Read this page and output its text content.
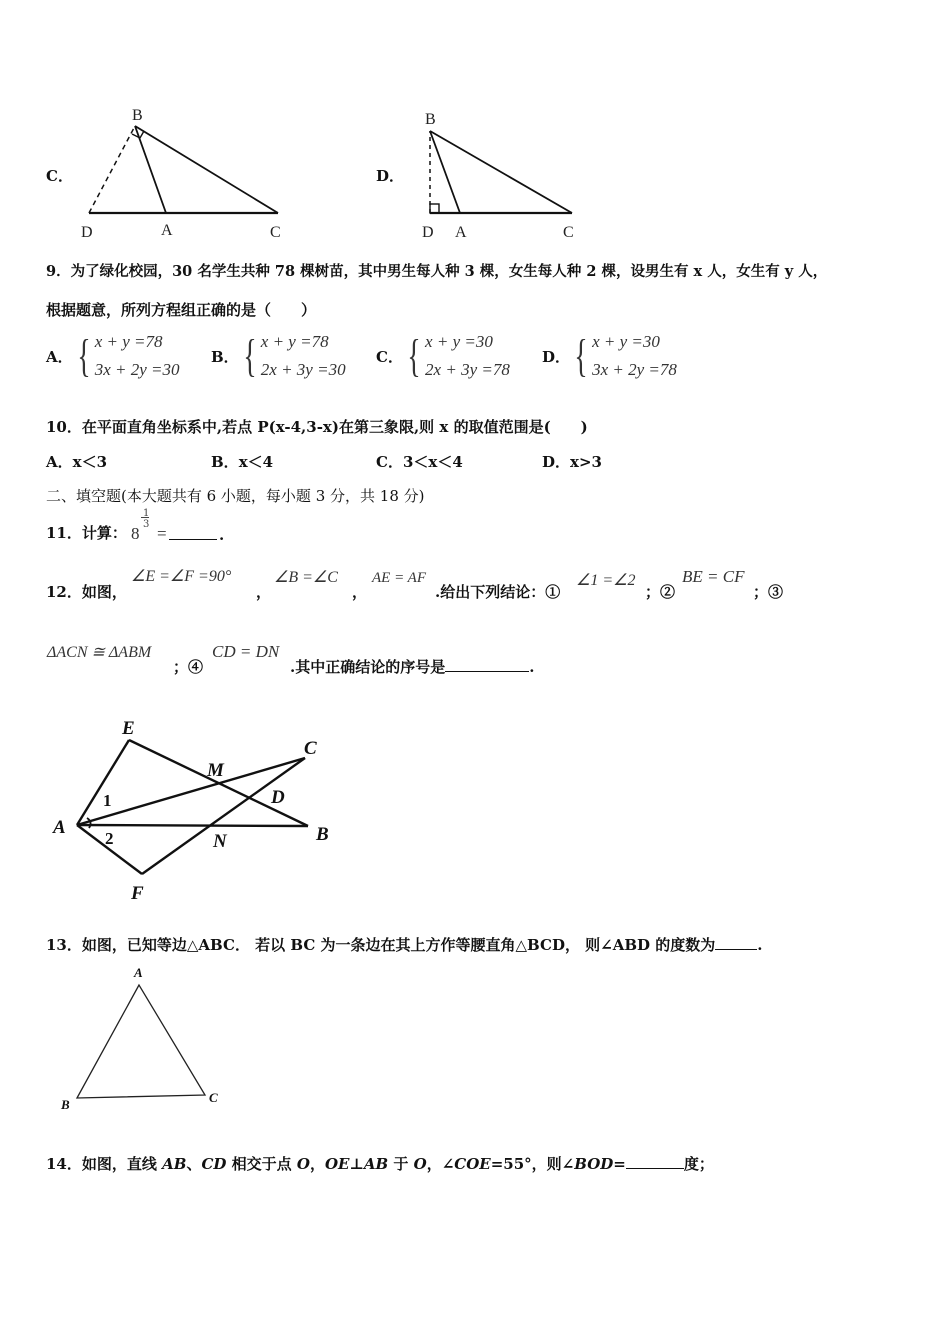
C．
B
D	A	C
D．
B
D A	C
9．为了绿化校园，30 名学生共种 78 棵树苗，其中男生每人种 3 棵，女生每人种 2 棵，设男生有 x 人，女生有 y 人，
根据题意，所列方程组正确的是（　　）
A． { x + y =78
3x + 2y =30
B． { x + y =78
2x + 3y =30
C． { x + y =30
2x + 3y =78
D． { x + y =30
3x + 2y =78
10．在平面直角坐标系中,若点 P(x-4,3-x)在第三象限,则 x 的取值范围是(　　)
A．x＜3	B．x＜4	C．3＜x＜4	D．x>3
二、填空题(本大题共有 6 小题，每小题 3 分，共 18 分)
11．计算： 8
1
3 =	.
12．如图，
∠E =∠F =90°
，
∠B =∠C
，
AE = AF
.给出下列结论：①
∠1 =∠2
；②
BE = CF
；③
ΔACN ≅ ΔABM
；④
CD = DN
.其中正确结论的序号是	.
E
M
C
D
A	B
N
F
1
2
13．如图，已知等边△ABC． 若以 BC 为一条边在其上方作等腰直角△BCD， 则∠ABD 的度数为	.
A
B	C
14．如图，直线 AB、CD 相交于点 O，OE⊥AB 于 O，∠COE=55°，则∠BOD=	度；
